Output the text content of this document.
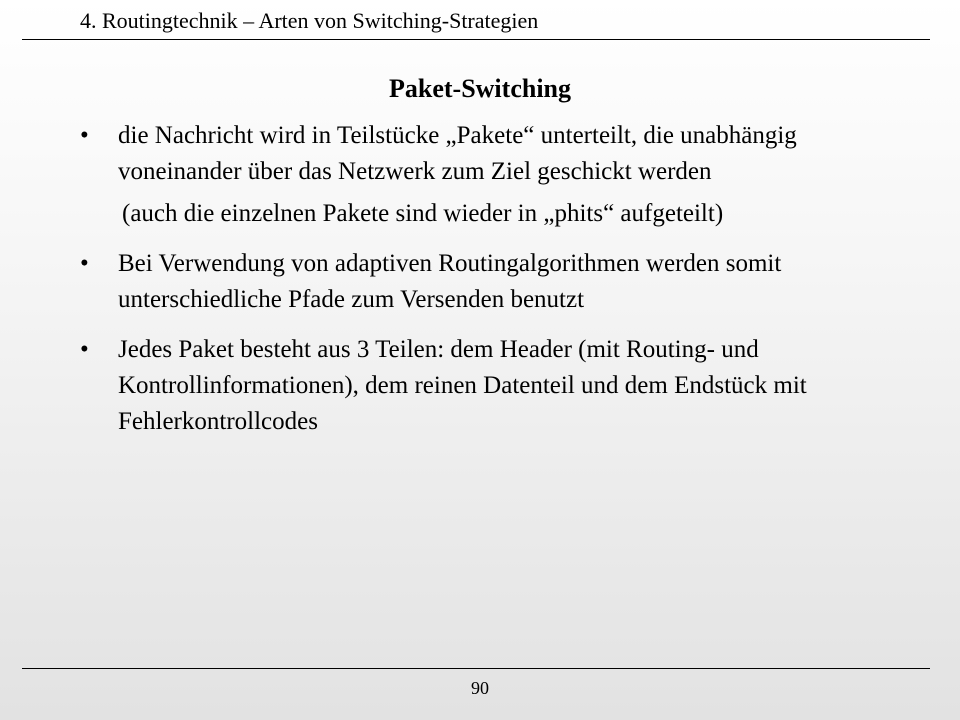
4. Routingtechnik – Arten von Switching-Strategien
Paket-Switching
•	die Nachricht wird in Teilstücke „Pakete“ unterteilt, die unabhängig voneinander über das Netzwerk zum Ziel geschickt werden
(auch die einzelnen Pakete sind wieder in „phits“ aufgeteilt)
•	Bei Verwendung von adaptiven Routingalgorithmen werden somit unterschiedliche Pfade zum Versenden benutzt
•	Jedes Paket besteht aus 3 Teilen: dem Header (mit Routing- und Kontrollinformationen), dem reinen Datenteil und dem Endstück mit Fehlerkontrollcodes
90
